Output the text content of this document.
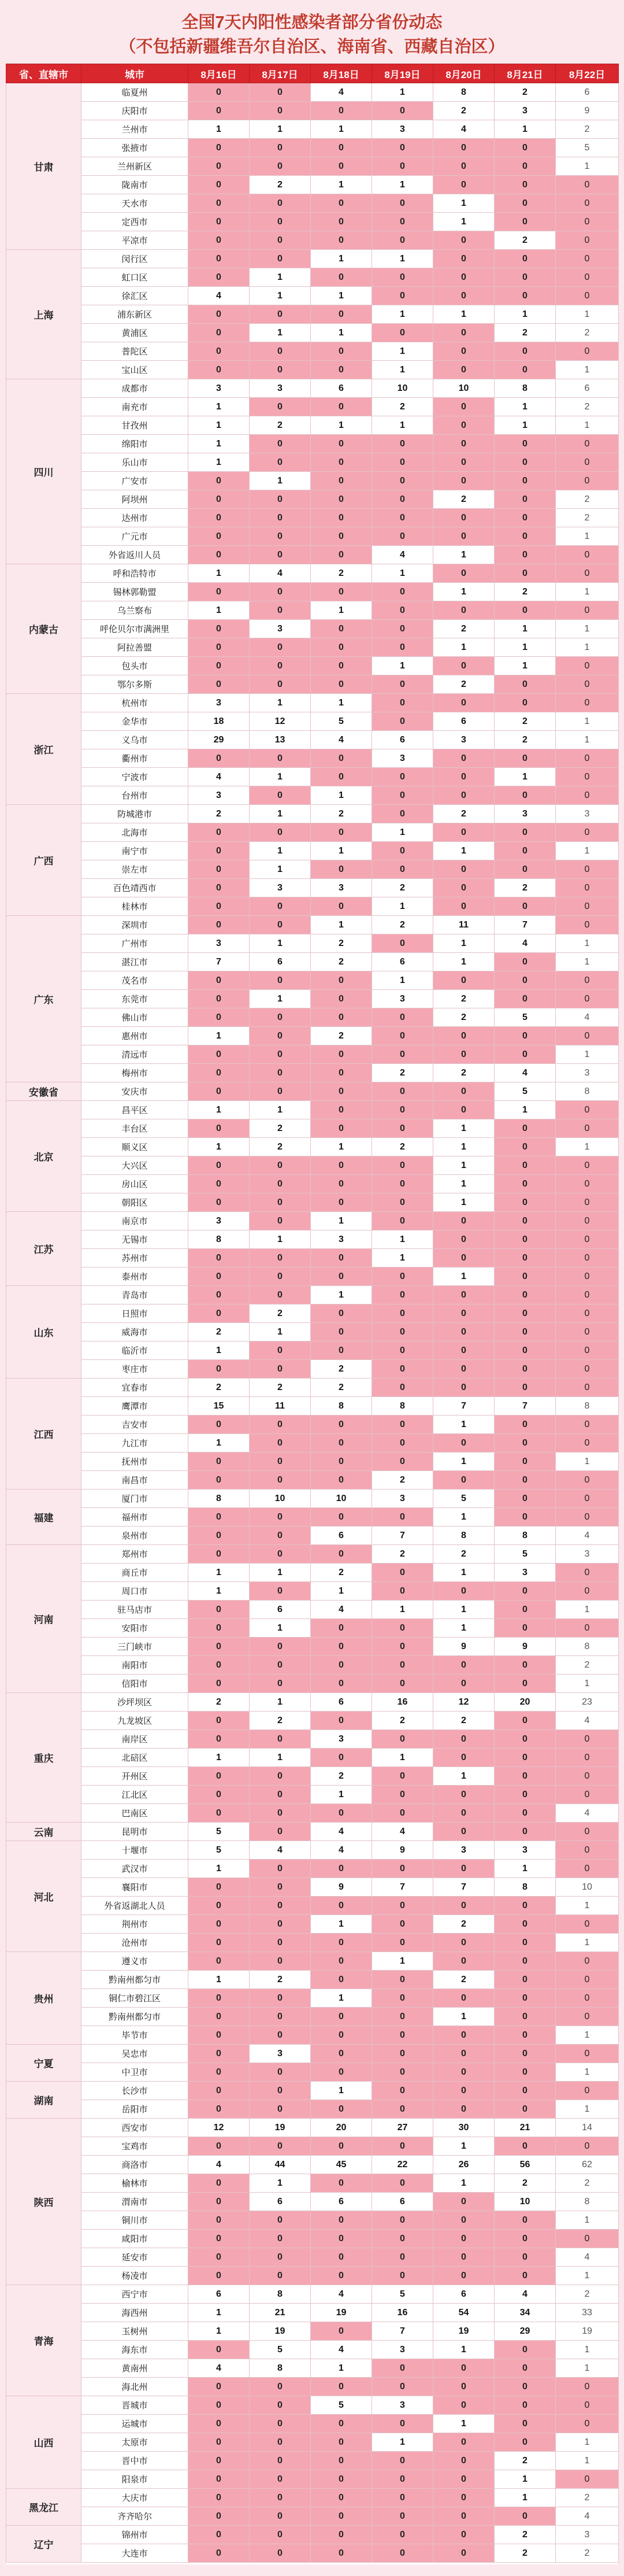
全国7天内阳性感染者部分省份动态
（不包括新疆维吾尔自治区、海南省、西藏自治区）
省、直辖市	城市	8月16日	8月17日	8月18日	8月19日	8月20日	8月21日	8月22日
甘肃	临夏州	0	0	4	1	8	2	6
	庆阳市	0	0	0	0	2	3	9
	兰州市	1	1	1	3	4	1	2
	张掖市	0	0	0	0	0	0	5
	兰州新区	0	0	0	0	0	0	1
	陇南市	0	2	1	1	0	0	0
	天水市	0	0	0	0	1	0	0
	定西市	0	0	0	0	1	0	0
	平凉市	0	0	0	0	0	2	0
上海	闵行区	0	0	1	1	0	0	0
	虹口区	0	1	0	0	0	0	0
	徐汇区	4	1	1	0	0	0	0
	浦东新区	0	0	0	1	1	1	1
	黄浦区	0	1	1	0	0	2	2
	普陀区	0	0	0	1	0	0	0
	宝山区	0	0	0	1	0	0	1
四川	成都市	3	3	6	10	10	8	6
	南充市	1	0	0	2	0	1	2
	甘孜州	1	2	1	1	0	1	1
	绵阳市	1	0	0	0	0	0	0
	乐山市	1	0	0	0	0	0	0
	广安市	0	1	0	0	0	0	0
	阿坝州	0	0	0	0	2	0	2
	达州市	0	0	0	0	0	0	2
	广元市	0	0	0	0	0	0	1
	外省返川人员	0	0	0	4	1	0	0
内蒙古	呼和浩特市	1	4	2	1	0	0	0
	锡林郭勒盟	0	0	0	0	1	2	1
	乌兰察布	1	0	1	0	0	0	0
	呼伦贝尔市满洲里	0	3	0	0	2	1	1
	阿拉善盟	0	0	0	0	1	1	1
	包头市	0	0	0	1	0	1	0
	鄂尔多斯	0	0	0	0	2	0	0
浙江	杭州市	3	1	1	0	0	0	0
	金华市	18	12	5	0	6	2	1
	义乌市	29	13	4	6	3	2	1
	衢州市	0	0	0	3	0	0	0
	宁波市	4	1	0	0	0	1	0
	台州市	3	0	1	0	0	0	0
广西	防城港市	2	1	2	0	2	3	3
	北海市	0	0	0	1	0	0	0
	南宁市	0	1	1	0	1	0	1
	崇左市	0	1	0	0	0	0	0
	百色靖西市	0	3	3	2	0	2	0
	桂林市	0	0	0	1	0	0	0
广东	深圳市	0	0	1	2	11	7	0
	广州市	3	1	2	0	1	4	1
	湛江市	7	6	2	6	1	0	1
	茂名市	0	0	0	1	0	0	0
	东莞市	0	1	0	3	2	0	0
	佛山市	0	0	0	0	2	5	4
	惠州市	1	0	2	0	0	0	0
	清远市	0	0	0	0	0	0	1
	梅州市	0	0	0	2	2	4	3
安徽省	安庆市	0	0	0	0	0	5	8
北京	昌平区	1	1	0	0	0	1	0
	丰台区	0	2	0	0	1	0	0
	顺义区	1	2	1	2	1	0	1
	大兴区	0	0	0	0	1	0	0
	房山区	0	0	0	0	1	0	0
	朝阳区	0	0	0	0	1	0	0
江苏	南京市	3	0	1	0	0	0	0
	无锡市	8	1	3	1	0	0	0
	苏州市	0	0	0	1	0	0	0
	泰州市	0	0	0	0	1	0	0
山东	青岛市	0	0	1	0	0	0	0
	日照市	0	2	0	0	0	0	0
	威海市	2	1	0	0	0	0	0
	临沂市	1	0	0	0	0	0	0
	枣庄市	0	0	2	0	0	0	0
江西	宜春市	2	2	2	0	0	0	0
	鹰潭市	15	11	8	8	7	7	8
	吉安市	0	0	0	0	1	0	0
	九江市	1	0	0	0	0	0	0
	抚州市	0	0	0	0	1	0	1
	南昌市	0	0	0	2	0	0	0
福建	厦门市	8	10	10	3	5	0	0
	福州市	0	0	0	0	1	0	0
	泉州市	0	0	6	7	8	8	4
河南	郑州市	0	0	0	2	2	5	3
	商丘市	1	1	2	0	1	3	0
	周口市	1	0	1	0	0	0	0
	驻马店市	0	6	4	1	1	0	1
	安阳市	0	1	0	0	1	0	0
	三门峡市	0	0	0	0	9	9	8
	南阳市	0	0	0	0	0	0	2
	信阳市	0	0	0	0	0	0	1
重庆	沙坪坝区	2	1	6	16	12	20	23
	九龙坡区	0	2	0	2	2	0	4
	南岸区	0	0	3	0	0	0	0
	北碚区	1	1	0	1	0	0	0
	开州区	0	0	2	0	1	0	0
	江北区	0	0	1	0	0	0	0
	巴南区	0	0	0	0	0	0	4
云南	昆明市	5	0	4	4	0	0	0
河北	十堰市	5	4	4	9	3	3	0
	武汉市	1	0	0	0	0	1	0
	襄阳市	0	0	9	7	7	8	10
	外省返湖北人员	0	0	0	0	0	0	1
	荆州市	0	0	1	0	2	0	0
	沧州市	0	0	0	0	0	0	1
贵州	遵义市	0	0	0	1	0	0	0
	黔南州都匀市	1	2	0	0	2	0	0
	铜仁市碧江区	0	0	1	0	0	0	0
	黔南州都匀市	0	0	0	0	1	0	0
	毕节市	0	0	0	0	0	0	1
宁夏	吴忠市	0	3	0	0	0	0	0
	中卫市	0	0	0	0	0	0	1
湖南	长沙市	0	0	1	0	0	0	0
	岳阳市	0	0	0	0	0	0	1
陕西	西安市	12	19	20	27	30	21	14
	宝鸡市	0	0	0	0	1	0	0
	商洛市	4	44	45	22	26	56	62
	榆林市	0	1	0	0	1	2	2
	渭南市	0	6	6	6	0	10	8
	铜川市	0	0	0	0	0	0	1
	咸阳市	0	0	0	0	0	0	0
	延安市	0	0	0	0	0	0	4
	杨凌市	0	0	0	0	0	0	1
青海	西宁市	6	8	4	5	6	4	2
	海西州	1	21	19	16	54	34	33
	玉树州	1	19	0	7	19	29	19
	海东市	0	5	4	3	1	0	1
	黄南州	4	8	1	0	0	0	1
	海北州	0	0	0	0	0	0	0
山西	晋城市	0	0	5	3	0	0	0
	运城市	0	0	0	0	1	0	0
	太原市	0	0	0	1	0	0	1
	晋中市	0	0	0	0	0	2	1
	阳泉市	0	0	0	0	0	1	0
黑龙江	大庆市	0	0	0	0	0	1	2
	齐齐哈尔	0	0	0	0	0	0	4
辽宁	锦州市	0	0	0	0	0	2	3
	大连市	0	0	0	0	0	2	2
